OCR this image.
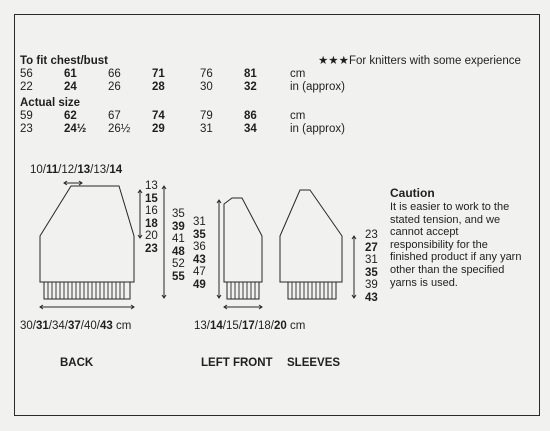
To fit chest/bust	★★★For knitters with some experience
56	61	66	71	76	81	cm
22	24	26	28	30	32	in (approx)
Actual size
59	62	67	74	79	86	cm
23	24½ 26½ 29	31	34	in (approx)
10/11/12/13/13/14
13
15
16
18
20
23
35
39
41
48
52
55
31
35
36
43
47
49
23
27
31
35
39
43
30/31/34/37/40/43 cm	13/14/15/17/18/20 cm
BACK	LEFT FRONT SLEEVES
Caution
It is easier to work to the
stated tension, and we
cannot accept
responsibility for the
finished product if any yarn
other than the specified
yarns is used.
